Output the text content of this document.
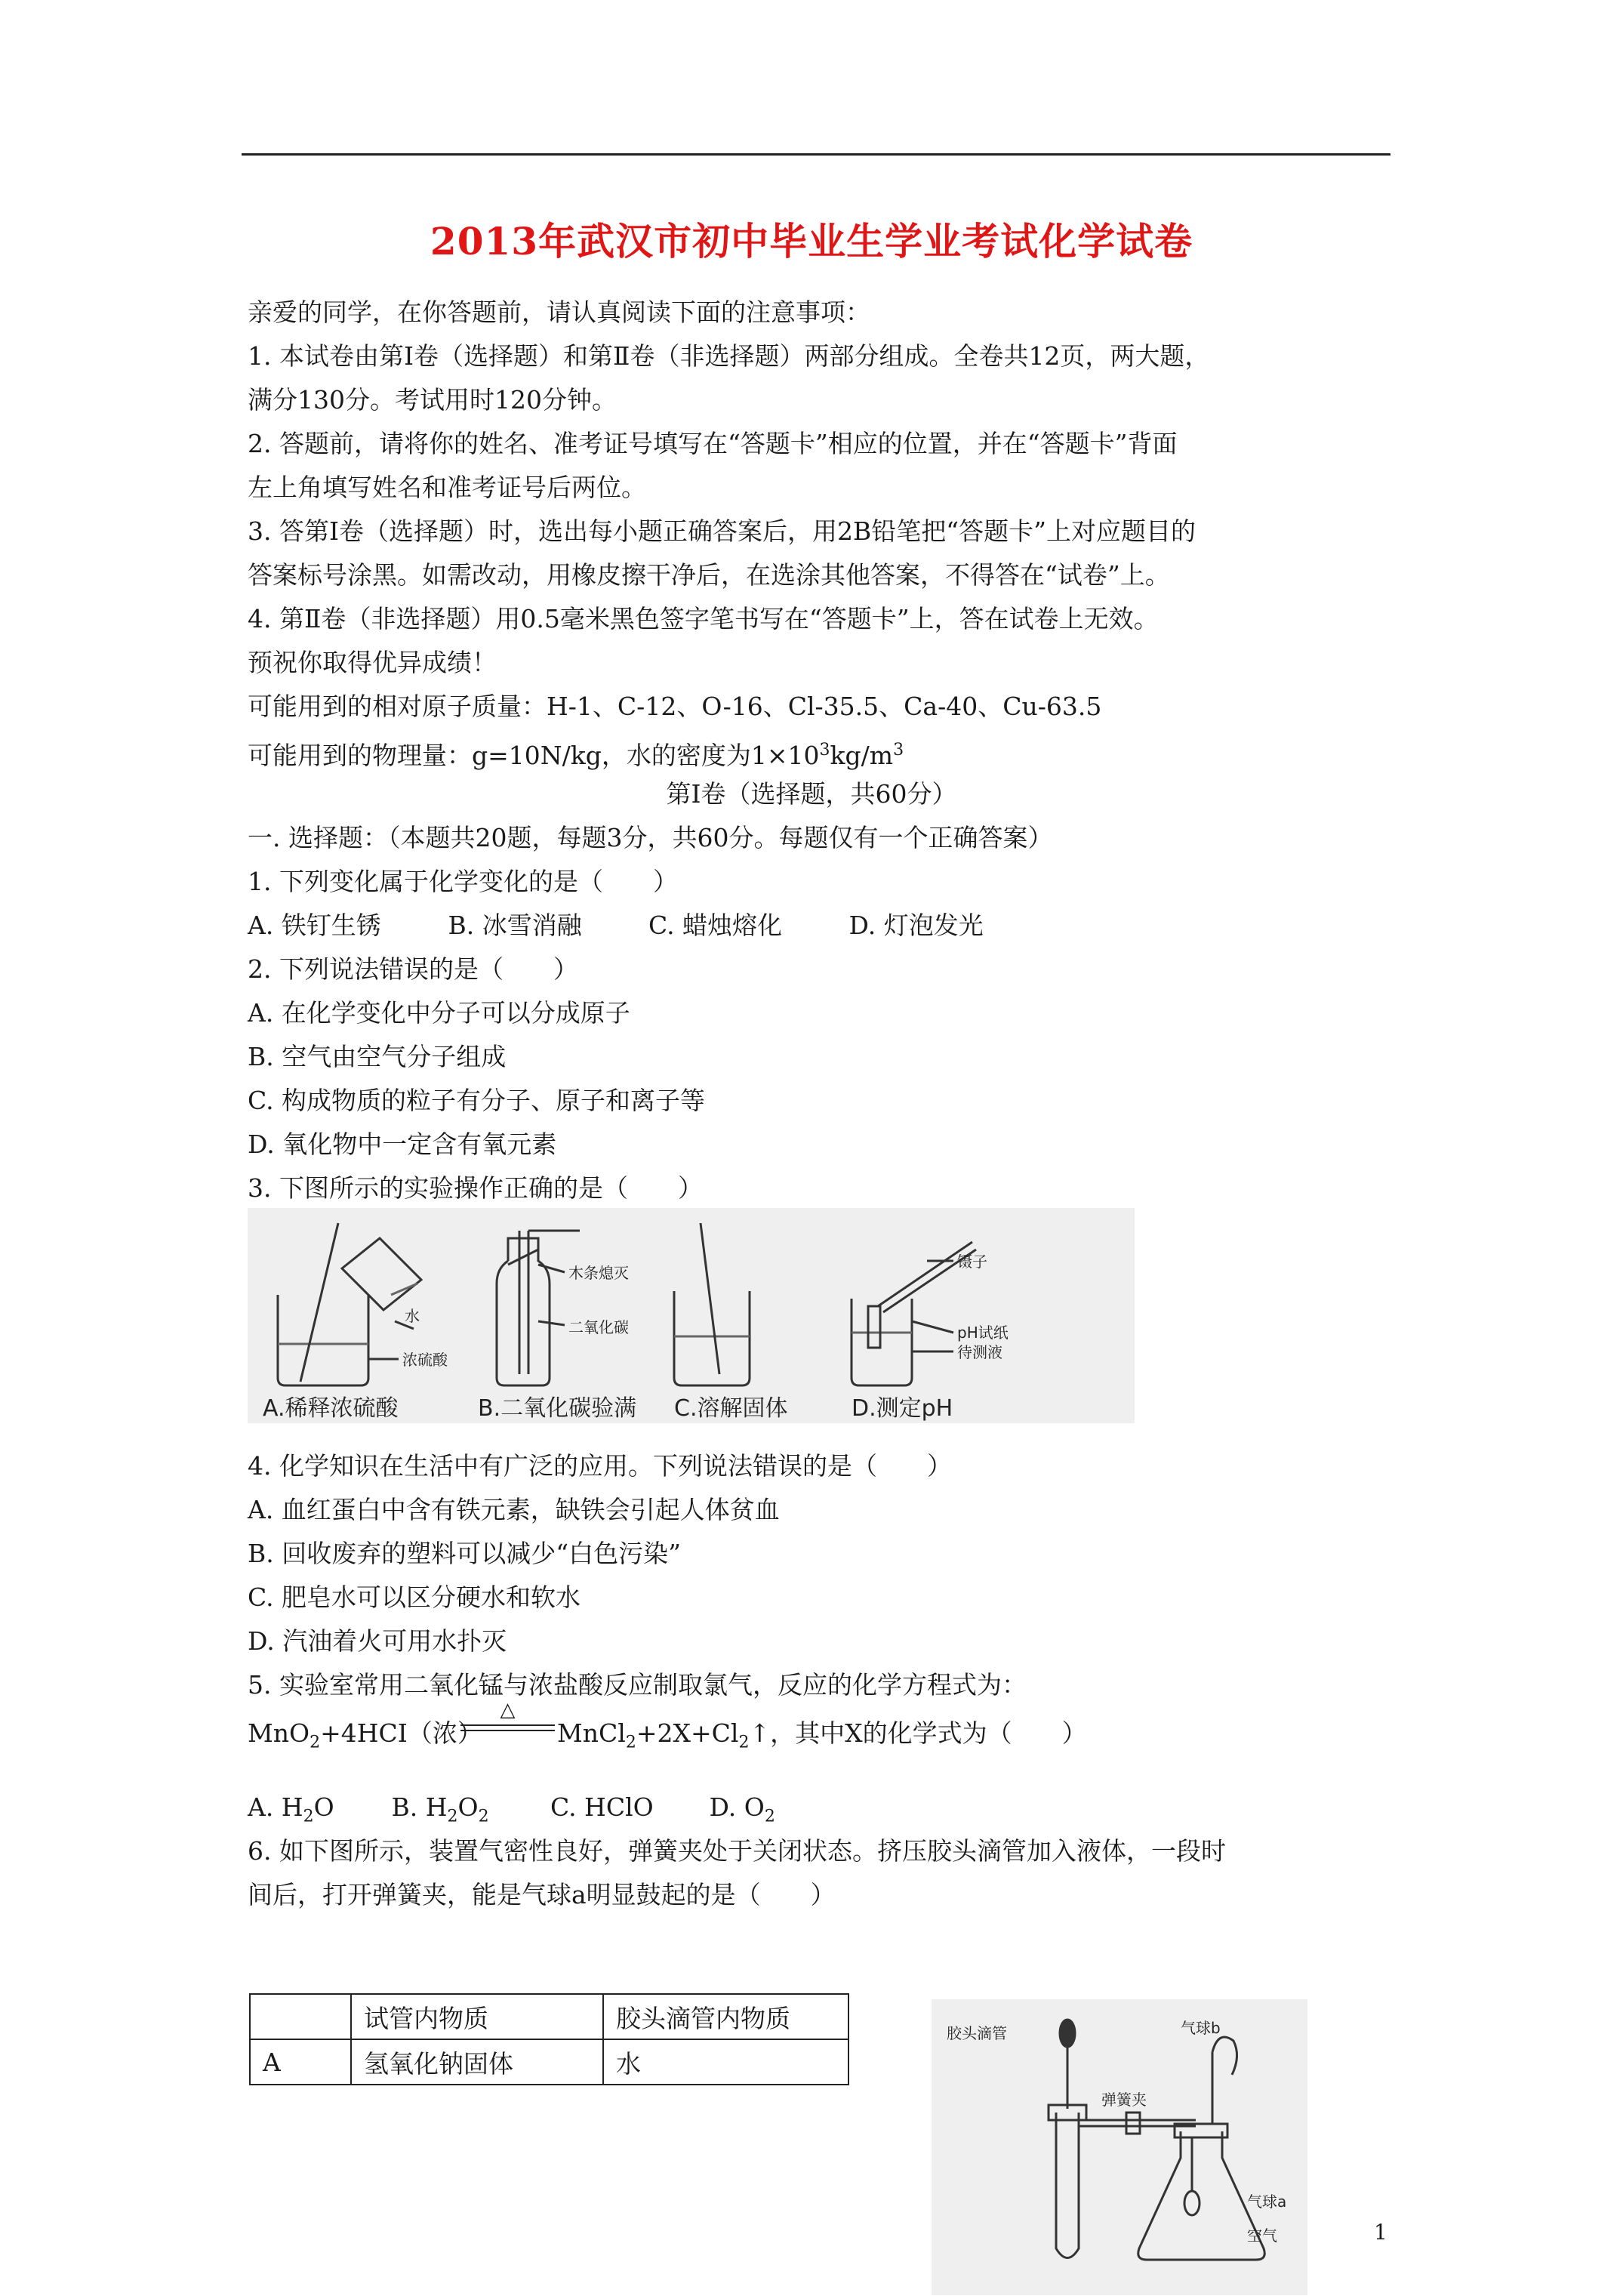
2013年武汉市初中毕业生学业考试化学试卷
亲爱的同学，在你答题前，请认真阅读下面的注意事项：
1. 本试卷由第Ⅰ卷（选择题）和第Ⅱ卷（非选择题）两部分组成。全卷共12页，两大题，
满分130分。考试用时120分钟。
2. 答题前，请将你的姓名、准考证号填写在“答题卡”相应的位置，并在“答题卡”背面
左上角填写姓名和准考证号后两位。
3. 答第Ⅰ卷（选择题）时，选出每小题正确答案后，用2B铅笔把“答题卡”上对应题目的
答案标号涂黑。如需改动，用橡皮擦干净后，在选涂其他答案，不得答在“试卷”上。
4. 第Ⅱ卷（非选择题）用0.5毫米黑色签字笔书写在“答题卡”上，答在试卷上无效。
预祝你取得优异成绩！
可能用到的相对原子质量：H-1、C-12、O-16、Cl-35.5、Ca-40、Cu-63.5
可能用到的物理量：g=10N/kg，水的密度为$1\times 10^3kg/m^3$
第Ⅰ卷（选择题，共60分）
一. 选择题：（本题共20题，每题3分，共60分。每题仅有一个正确答案）
1. 下列变化属于化学变化的是（　　）
A. 铁钉生锈	B. 冰雪消融	C. 蜡烛熔化	D. 灯泡发光
2. 下列说法错误的是（　　）
A. 在化学变化中分子可以分成原子
B. 空气由空气分子组成
C. 构成物质的粒子有分子、原子和离子等
D. 氧化物中一定含有氧元素
3. 下图所示的实验操作正确的是（　　）
水
浓硫酸
木条熄灭
二氧化碳
镊子
pH试纸
待测液
A.稀释浓硫酸	B.二氧化碳验满 C.溶解固体	D.测定pH
4. 化学知识在生活中有广泛的应用。下列说法错误的是（　　）
A. 血红蛋白中含有铁元素，缺铁会引起人体贫血
B. 回收废弃的塑料可以减少“白色污染”
C. 肥皂水可以区分硬水和软水
D. 汽油着火可用水扑灭
5. 实验室常用二氧化锰与浓盐酸反应制取氯气，反应的化学方程式为：
MnO$_2$+4HCI（浓）
△
$MnCl_2+2X+Cl_2↑$，其中X的化学式为（　　）
A. $H_2O$ B. $H_2O_2$ C. HClO D. $O_2$
6. 如下图所示，装置气密性良好，弹簧夹处于关闭状态。挤压胶头滴管加入液体，一段时
间后，打开弹簧夹，能是气球a明显鼓起的是（　　）
	试管内物质	胶头滴管内物质
A	氢氧化钠固体	水
胶头滴管	气球b
弹簧夹
气球a
空气	1
